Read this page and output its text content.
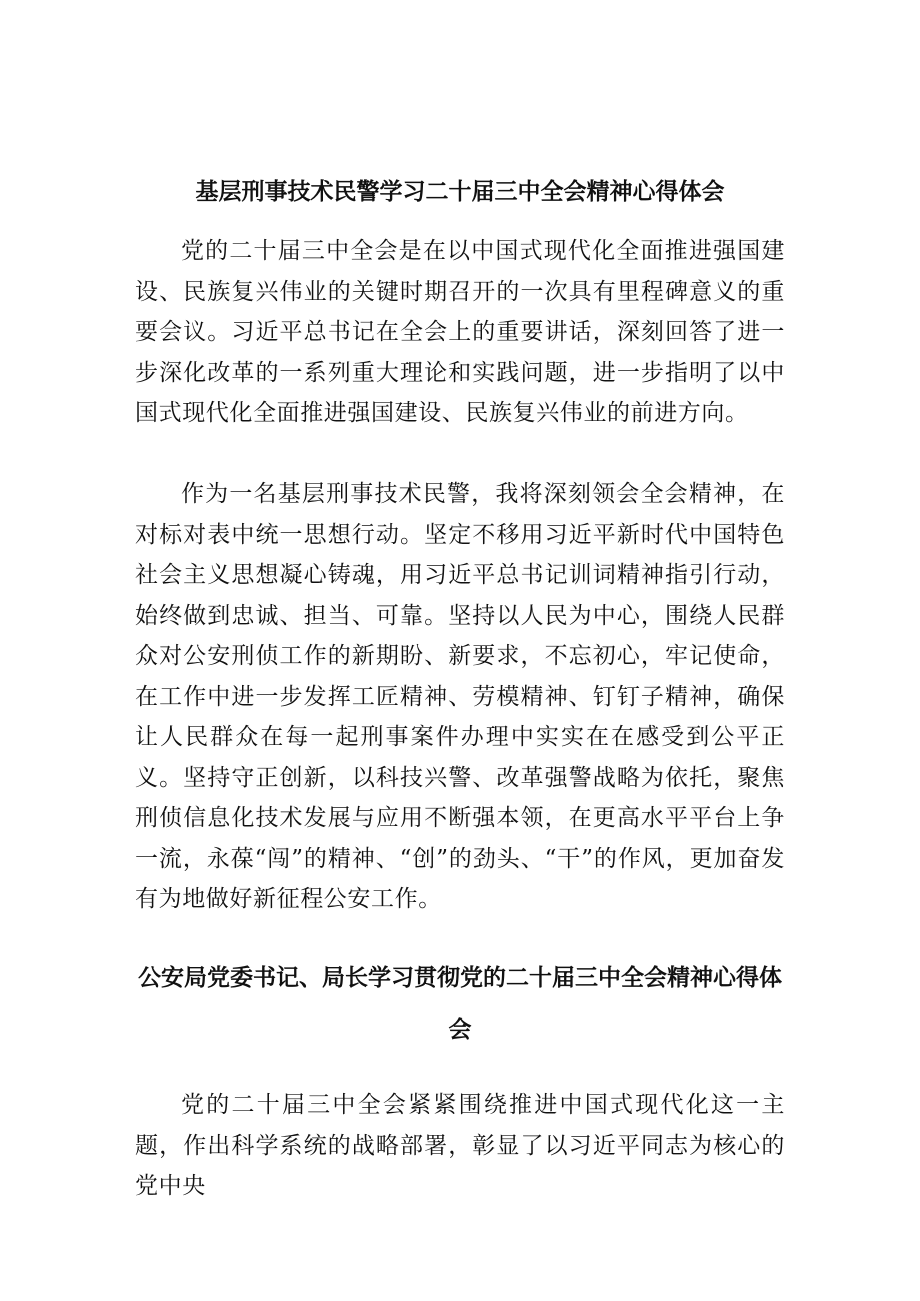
基层刑事技术民警学习二十届三中全会精神心得体会

党的二十届三中全会是在以中国式现代化全面推进强国建设、民族复兴伟业的关键时期召开的一次具有里程碑意义的重要会议。习近平总书记在全会上的重要讲话，深刻回答了进一步深化改革的一系列重大理论和实践问题，进一步指明了以中国式现代化全面推进强国建设、民族复兴伟业的前进方向。

作为一名基层刑事技术民警，我将深刻领会全会精神，在对标对表中统一思想行动。坚定不移用习近平新时代中国特色社会主义思想凝心铸魂，用习近平总书记训词精神指引行动，始终做到忠诚、担当、可靠。坚持以人民为中心，围绕人民群众对公安刑侦工作的新期盼、新要求，不忘初心，牢记使命，在工作中进一步发挥工匠精神、劳模精神、钉钉子精神，确保让人民群众在每一起刑事案件办理中实实在在感受到公平正义。坚持守正创新，以科技兴警、改革强警战略为依托，聚焦刑侦信息化技术发展与应用不断强本领，在更高水平平台上争一流，永葆“闯”的精神、“创”的劲头、“干”的作风，更加奋发有为地做好新征程公安工作。

公安局党委书记、局长学习贯彻党的二十届三中全会精神心得体会

党的二十届三中全会紧紧围绕推进中国式现代化这一主题，作出科学系统的战略部署，彰显了以习近平同志为核心的党中央
